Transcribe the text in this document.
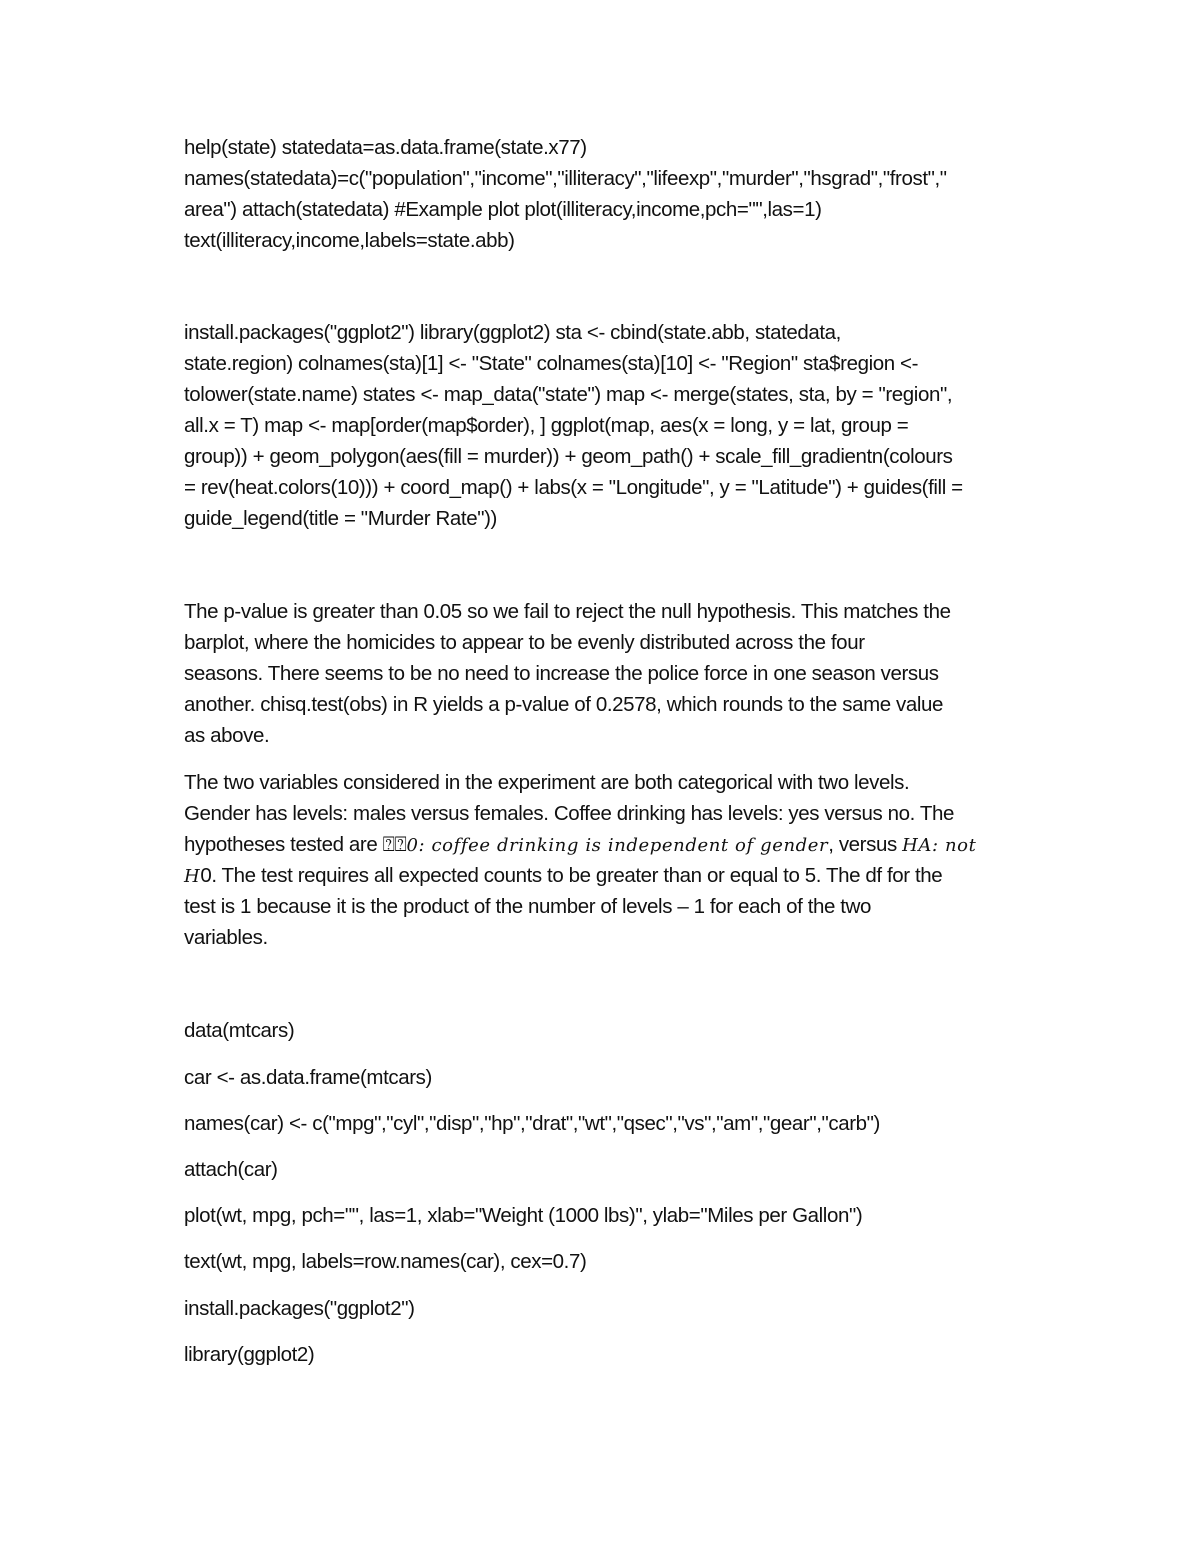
help(state) statedata=as.data.frame(state.x77)
names(statedata)=c("population","income","illiteracy","lifeexp","murder","hsgrad","frost","
area") attach(statedata) #Example plot plot(illiteracy,income,pch="",las=1)
text(illiteracy,income,labels=state.abb)
install.packages("ggplot2") library(ggplot2) sta <- cbind(state.abb, statedata,
state.region) colnames(sta)[1] <- "State" colnames(sta)[10] <- "Region" sta$region <-
tolower(state.name) states <- map_data("state") map <- merge(states, sta, by = "region",
all.x = T) map <- map[order(map$order), ] ggplot(map, aes(x = long, y = lat, group =
group)) + geom_polygon(aes(fill = murder)) + geom_path() + scale_fill_gradientn(colours
= rev(heat.colors(10))) + coord_map() + labs(x = "Longitude", y = "Latitude") + guides(fill =
guide_legend(title = "Murder Rate"))
The p-value is greater than 0.05 so we fail to reject the null hypothesis. This matches the
barplot, where the homicides to appear to be evenly distributed across the four
seasons. There seems to be no need to increase the police force in one season versus
another. chisq.test(obs) in R yields a p-value of 0.2578, which rounds to the same value
as above.
The two variables considered in the experiment are both categorical with two levels.
Gender has levels: males versus females. Coffee drinking has levels: yes versus no. The
hypotheses tested are ⍰⍰0: coffee drinking is independent of gender, versus HA: not
H0. The test requires all expected counts to be greater than or equal to 5. The df for the
test is 1 because it is the product of the number of levels – 1 for each of the two
variables.
data(mtcars)
car <- as.data.frame(mtcars)
names(car) <- c("mpg","cyl","disp","hp","drat","wt","qsec","vs","am","gear","carb")
attach(car)
plot(wt, mpg, pch="", las=1, xlab="Weight (1000 lbs)", ylab="Miles per Gallon")
text(wt, mpg, labels=row.names(car), cex=0.7)
install.packages("ggplot2")
library(ggplot2)
